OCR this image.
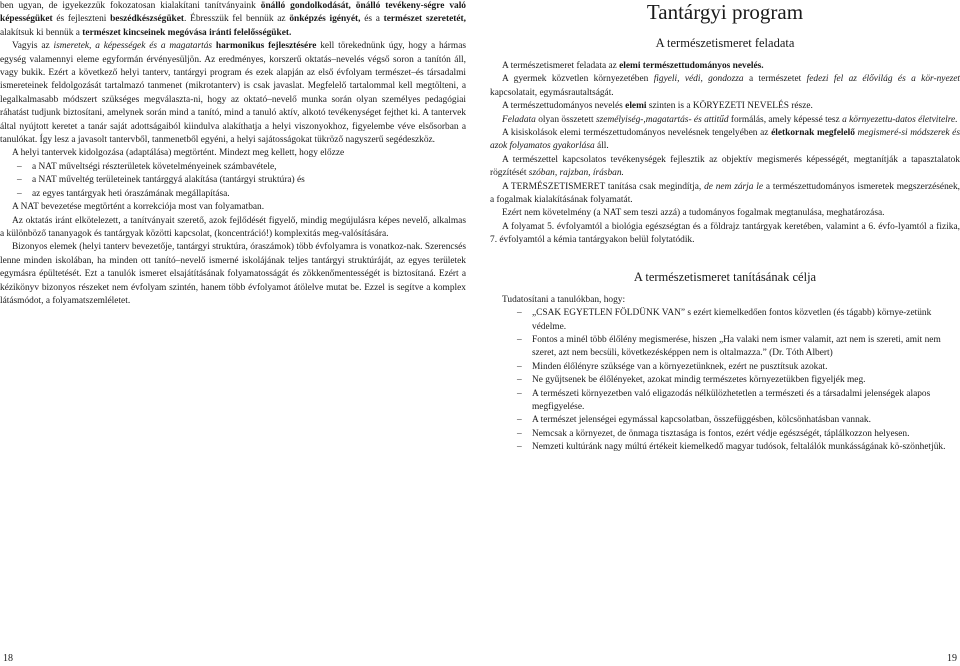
ben ugyan, de igyekezzük fokozatosan kialakítani tanítványaink önálló gondolkodását, önálló tevékeny-ségre való képességüket és fejleszteni beszédkészségüket. Ébresszük fel bennük az önképzés igényét, és a természet szeretetét, alakítsuk ki bennük a természet kincseinek megóvása iránti felelősségüket.

Vagyis az ismeretek, a képességek és a magatartás harmonikus fejlesztésére kell törekednünk úgy, hogy a hármas egység valamennyi eleme egyformán érvényesüljön. Az eredményes, korszerű oktatás–nevelés végső soron a tanítón áll, vagy bukik. Ezért a következő helyi tanterv, tantárgyi program és ezek alapján az első évfolyam természet–és társadalmi ismereteinek feldolgozását tartalmazó tanmenet (mikrotanterv) is csak javaslat. Megfelelő tartalommal kell megtölteni, a legalkalmasabb módszert szükséges megválaszta-ni, hogy az oktató–nevelő munka során olyan személyes pedagógiai ráhatást tudjunk biztosítani, amelynek során mind a tanító, mind a tanuló aktív, alkotó tevékenységet fejthet ki. A tantervek által nyújtott keretet a tanár saját adottságaiból kiindulva alakíthatja a helyi viszonyokhoz, figyelembe véve elsősorban a tanulókat. Így lesz a javasolt tantervből, tanmenetből egyéni, a helyi sajátosságokat tükröző nagyszerű segédeszköz.

A helyi tantervek kidolgozása (adaptálása) megtörtént. Mindezt meg kellett, hogy előzze

– a NAT műveltségi részterületek követelményeinek számbavétele,
– a NAT műveltég területeinek tantárggyá alakítása (tantárgyi struktúra) és
– az egyes tantárgyak heti óraszámának megállapítása.

A NAT bevezetése megtörtént a korrekciója most van folyamatban.

Az oktatás iránt elkötelezett, a tanítványait szerető, azok fejlődését figyelő, mindig megújulásra képes nevelő, alkalmas a különböző tananyagok és tantárgyak közötti kapcsolat, (koncentráció!) komplexitás meg-valósítására.

Bizonyos elemek (helyi tanterv bevezetője, tantárgyi struktúra, óraszámok) több évfolyamra is vonatkoz-nak. Szerencsés lenne minden iskolában, ha minden ott tanító–nevelő ismerné iskolájának teljes tantárgyi struktúráját, az egyes területek egymásra épültetését. Ezt a tanulók ismeret elsajátításának folyamatosságát és zökkenőmentességét is biztosítaná. Ezért a kézikönyv bizonyos részeket nem évfolyam szintén, hanem több évfolyamot átölelve mutat be. Ezzel is segítve a komplex látásmódot, a folyamatszemléletet.

18
Tantárgyi program
A természetismeret feladata

A természetismeret feladata az elemi természettudományos nevelés.

A gyermek közvetlen környezetében figyeli, védi, gondozza a természetet fedezi fel az élővilág és a kör-nyezet kapcsolatait, egymásrautaltságát.

A természettudományos nevelés elemi szinten is a KÖRYEZETI NEVELÉS része.

Feladata olyan összetett személyiség-,magatartás- és attitűd formálás, amely képessé tesz a környezettu-datos életvitelre.

A kisiskolások elemi természettudományos nevelésnek tengelyében az életkornak megfelelő megismeré-si módszerek és azok folyamatos gyakorlása áll.

A természettel kapcsolatos tevékenységek fejlesztik az objektív megismerés képességét, megtanítják a tapasztalatok rögzítését szóban, rajzban, írásban.

A TERMÉSZETISMERET tanítása csak megindítja, de nem zárja le a természettudományos ismeretek megszerzésének, a fogalmak kialakításának folyamatát.

Ezért nem követelmény (a NAT sem teszi azzá) a tudományos fogalmak megtanulása, meghatározása.

A folyamat 5. évfolyamtól a biológia egészségtan és a földrajz tantárgyak keretében, valamint a 6. évfo-lyamtól a fizika, 7. évfolyamtól a kémia tantárgyakon belül folytatódik.

A természetismeret tanításának célja

Tudatosítani a tanulókban, hogy:

– „CSAK EGYETLEN FÖLDÜNK VAN” s ezért kiemelkedően fontos közvetlen (és tágabb) környe-zetünk védelme.
– Fontos a minél több élőlény megismerése, hiszen „Ha valaki nem ismer valamit, azt nem is szereti, amit nem szeret, azt nem becsüli, következésképpen nem is oltalmazza.” (Dr. Tóth Albert)
– Minden élőlényre szüksége van a környezetünknek, ezért ne pusztítsuk azokat.
– Ne gyűjtsenek be élőlényeket, azokat mindig természetes környezetükben figyeljék meg.
– A természeti környezetben való eligazodás nélkülözhetetlen a természeti és a társadalmi jelenségek alapos megfigyelése.
– A természet jelenségei egymással kapcsolatban, összefüggésben, kölcsönhatásban vannak.
– Nemcsak a környezet, de önmaga tisztasága is fontos, ezért védje egészségét, táplálkozzon helyesen.
– Nemzeti kultúránk nagy múltú értékeit kiemelkedő magyar tudósok, feltalálók munkásságának kö-szönhetjük.
19
